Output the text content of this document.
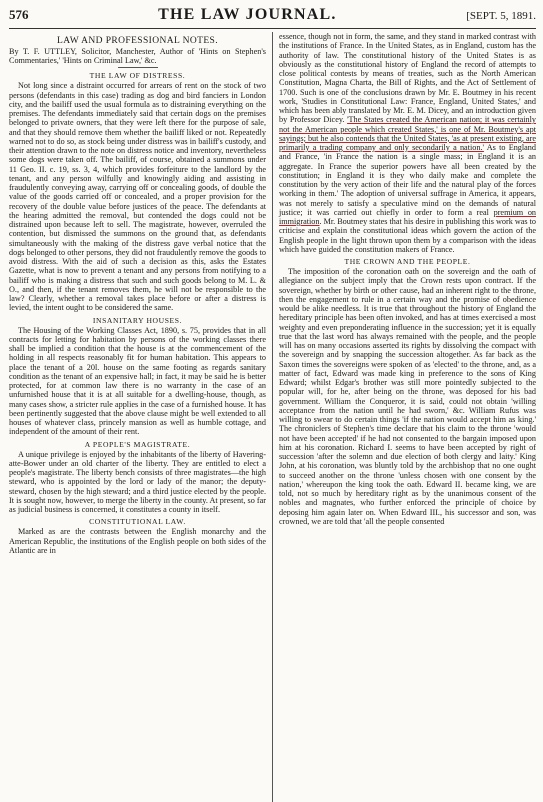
576	THE LAW JOURNAL.	[SEPT. 5, 1891.
LAW AND PROFESSIONAL NOTES.
By T. F. UTTLEY, Solicitor, Manchester, Author of 'Hints on Stephen's Commentaries,' 'Hints on Criminal Law,' &c.
THE LAW OF DISTRESS.

Not long since a distraint occurred for arrears of rent on the stock of two persons (defendants in this case) trading as dog and bird fanciers in London city, and the bailiff used the usual formula as to distraining everything on the premises. The defendants immediately said that certain dogs on the premises belonged to private owners, that they were left there for the purpose of sale, and that they should remove them whether the bailiff liked or not. Repeatedly warned not to do so, as stock being under distress was in bailiff's custody, and their attention drawn to the note on distress notice and inventory, nevertheless some dogs were taken off. The bailiff, of course, obtained a summons under 11 Geo. II. c. 19, ss. 3, 4, which provides forfeiture to the landlord by the tenant, and any person wilfully and knowingly aiding and assisting in fraudulently conveying away, carrying off or concealing goods, of double the value of the goods carried off or concealed, and a proper provision for the recovery of the double value before justices of the peace. The defendants at the hearing admitted the removal, but contended the dogs could not be distrained upon because left to sell. The magistrate, however, overruled the contention, but dismissed the summons on the ground that, as defendants simultaneously with the making of the distress gave verbal notice that the dogs belonged to other persons, they did not fraudulently remove the goods to avoid distress. With the aid of such a decision as this, asks the Estates Gazette, what is now to prevent a tenant and any persons from notifying to a bailiff who is making a distress that such and such goods belong to M. L. & O., and then, if the tenant removes them, he will not be responsible to the law? Clearly, whether a removal takes place before or after a distress is levied, the intent ought to be considered the same.

INSANITARY HOUSES.

The Housing of the Working Classes Act, 1890, s. 75, provides that in all contracts for letting for habitation by persons of the working classes there shall be implied a condition that the house is at the commencement of the holding in all respects reasonably fit for human habitation. This appears to place the tenant of a 20l. house on the same footing as regards sanitary condition as the tenant of an expensive hall; in fact, it may be said he is better protected, for at common law there is no warranty in the case of an unfurnished house that it is at all suitable for a dwelling-house, though, as many cases show, a stricter rule applies in the case of a furnished house. It has been pertinently suggested that the above clause might be well extended to all houses of whatever class, princely mansion as well as humble cottage, and independent of the amount of their rent.

A PEOPLE'S MAGISTRATE.

A unique privilege is enjoyed by the inhabitants of the liberty of Havering-atte-Bower under an old charter of the liberty. They are entitled to elect a people's magistrate. The liberty bench consists of three magistrates—the high steward, who is appointed by the lord or lady of the manor; the deputy-steward, chosen by the high steward; and a third justice elected by the people. It is sought now, however, to merge the liberty in the county. At present, so far as judicial business is concerned, it constitutes a county in itself.

CONSTITUTIONAL LAW.

Marked as are the contrasts between the English monarchy and the American Republic, the institutions of the English people on both sides of the Atlantic are in

essence, though not in form, the same, and they stand in marked contrast with the institutions of France. In the United States, as in England, custom has the authority of law. The constitutional history of the United States is as obviously as the constitutional history of England the record of attempts to close political contests by means of treaties, such as the North American Constitution, Magna Charta, the Bill of Rights, and the Act of Settlement of 1700. Such is one of the conclusions drawn by Mr. E. Boutmey in his recent work, 'Studies in Constitutional Law: France, England, United States,' and which has been ably translated by Mr. E. M. Dicey, and an introduction given by Professor Dicey. 'The States created the American nation; it was certainly not the American people which created States,' is one of Mr. Boutmey's apt sayings; but he also contends that the United States, 'as at present existing, are primarily a trading company and only secondarily a nation.' As to England and France, 'in France the nation is a single mass; in England it is an aggregate. In France the superior powers have all been created by the constitution; in England it is they who daily make and complete the constitution by the very action of their life and the natural play of the forces working in them.' The adoption of universal suffrage in America, it appears, was not merely to satisfy a speculative mind on the demands of natural justice; it was carried out chiefly in order to form a real premium on immigration. Mr. Boutmey states that his desire in publishing this work was to criticise and explain the constitutional ideas which govern the action of the English people in the light thrown upon them by a comparison with the ideas which have guided the constitution makers of France.

THE CROWN AND THE PEOPLE.

The imposition of the coronation oath on the sovereign and the oath of allegiance on the subject imply that the Crown rests upon contract. If the sovereign, whether by birth or other cause, had an inherent right to the throne, then the engagement to rule in a certain way and the promise of obedience would be alike needless. It is true that throughout the history of England the hereditary principle has been often invoked, and has at times exercised a most weighty and even preponderating influence in the succession; yet it is equally true that the last word has always remained with the people, and the people will has on many occasions asserted its rights by dissolving the compact with the sovereign and by snapping the succession altogether. As far back as the Saxon times the sovereigns were spoken of as 'elected' to the throne, and, as a matter of fact, Edward was made king in preference to the sons of King Edward; whilst Edgar's brother was still more pointedly subjected to the popular will, for he, after being on the throne, was deposed for his bad government. William the Conqueror, it is said, could not obtain 'willing acceptance from the nation until he had sworn,' &c. William Rufus was willing to swear to do certain things 'if the nation would accept him as king.' The chroniclers of Stephen's time declare that his claim to the throne 'would not have been accepted' if he had not consented to the bargain imposed upon him at his coronation. Richard I. seems to have been accepted by right of succession 'after the solemn and due election of both clergy and laity.' King John, at his coronation, was bluntly told by the archbishop that no one ought to succeed another on the throne 'unless chosen with one consent by the nation,' whereupon the king took the oath. Edward II. became king, we are told, not so much by hereditary right as by the unanimous consent of the nobles and magnates, who further enforced the principle of choice by deposing him again later on. When Edward III., his successor and son, was crowned, we are told that 'all the people consented
